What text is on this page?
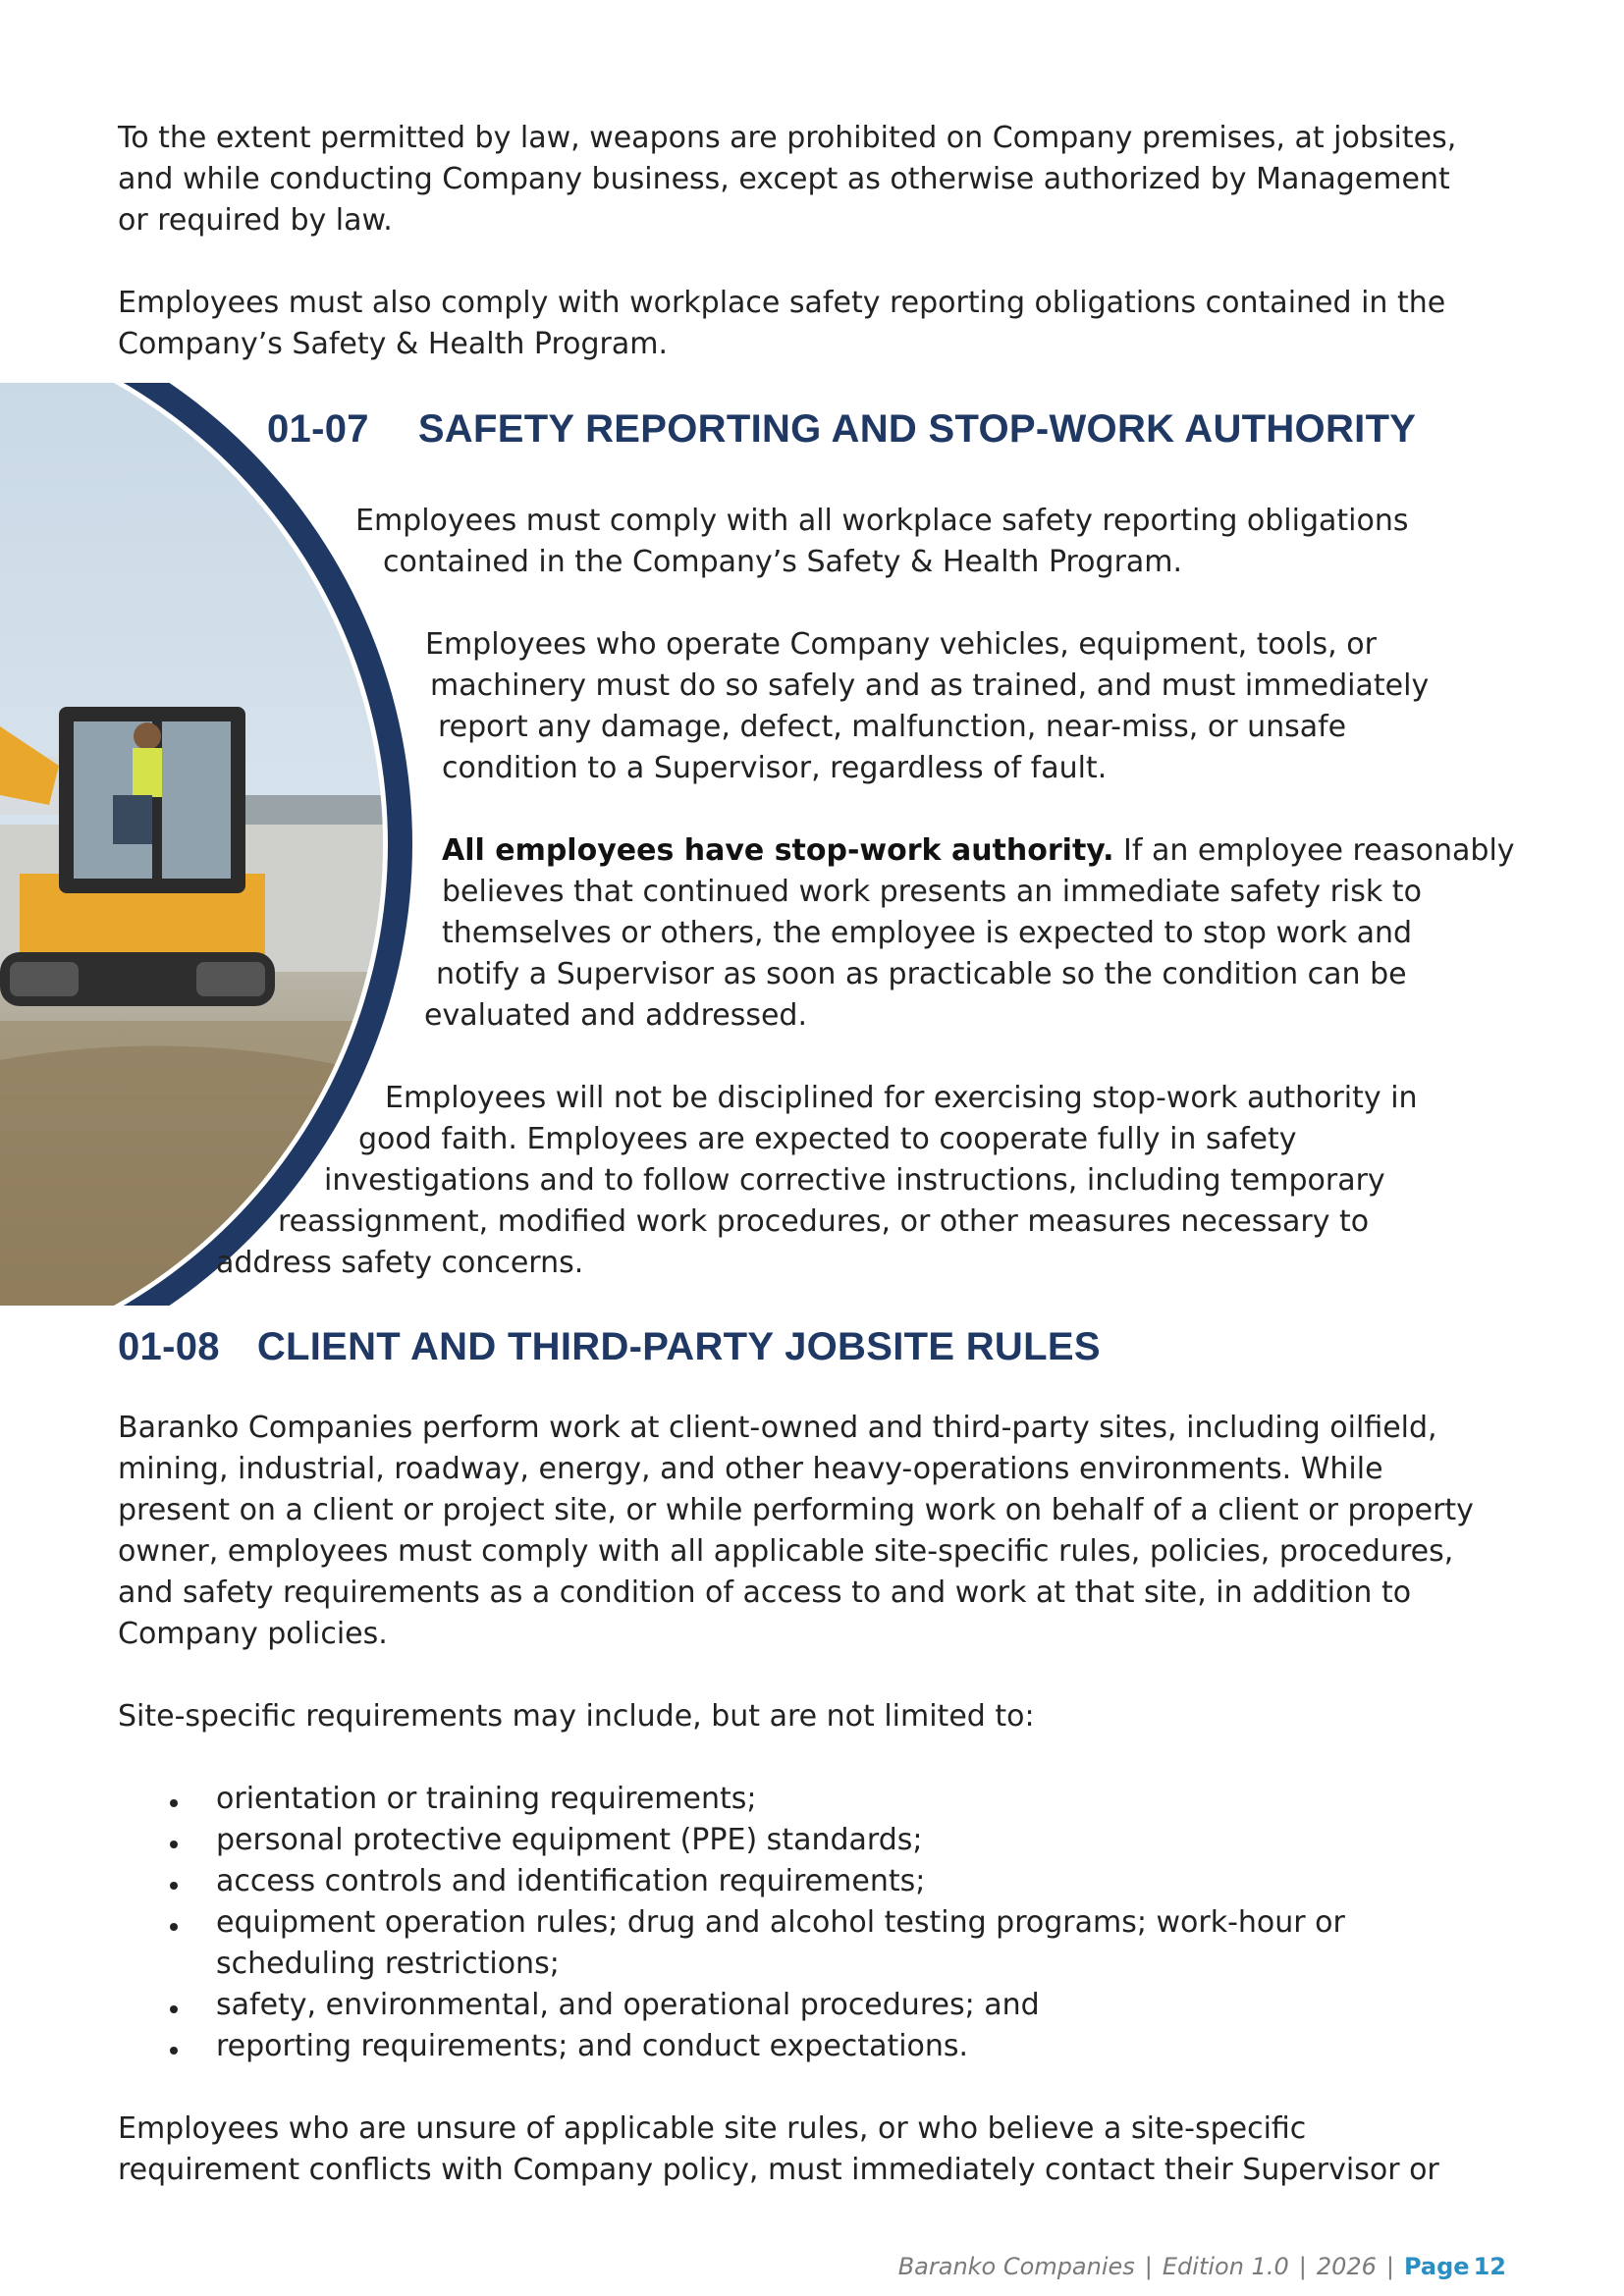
To the extent permitted by law, weapons are prohibited on Company premises, at jobsites,

and while conducting Company business, except as otherwise authorized by Management

or required by law.

Employees must also comply with workplace safety reporting obligations contained in the

Company’s Safety & Health Program.

01-07 SAFETY REPORTING AND STOP-WORK AUTHORITY

Employees must comply with all workplace safety reporting obligations

contained in the Company’s Safety & Health Program.

Employees who operate Company vehicles, equipment, tools, or

machinery must do so safely and as trained, and must immediately

report any damage, defect, malfunction, near-miss, or unsafe

condition to a Supervisor, regardless of fault.

All employees have stop-work authority. If an employee reasonably

believes that continued work presents an immediate safety risk to

themselves or others, the employee is expected to stop work and

notify a Supervisor as soon as practicable so the condition can be

evaluated and addressed.

Employees will not be disciplined for exercising stop-work authority in

good faith. Employees are expected to cooperate fully in safety

investigations and to follow corrective instructions, including temporary

reassignment, modified work procedures, or other measures necessary to

address safety concerns.

01-08 CLIENT AND THIRD-PARTY JOBSITE RULES

Baranko Companies perform work at client-owned and third-party sites, including oilfield,

mining, industrial, roadway, energy, and other heavy-operations environments. While

present on a client or project site, or while performing work on behalf of a client or property

owner, employees must comply with all applicable site-specific rules, policies, procedures,

and safety requirements as a condition of access to and work at that site, in addition to

Company policies.

Site-specific requirements may include, but are not limited to:

orientation or training requirements;
personal protective equipment (PPE) standards;
access controls and identification requirements;
equipment operation rules; drug and alcohol testing programs; work-hour or
scheduling restrictions;
safety, environmental, and operational procedures; and
reporting requirements; and conduct expectations.

Employees who are unsure of applicable site rules, or who believe a site-specific

requirement conflicts with Company policy, must immediately contact their Supervisor or

Baranko Companies | Edition 1.0 | 2026 | Page 12
